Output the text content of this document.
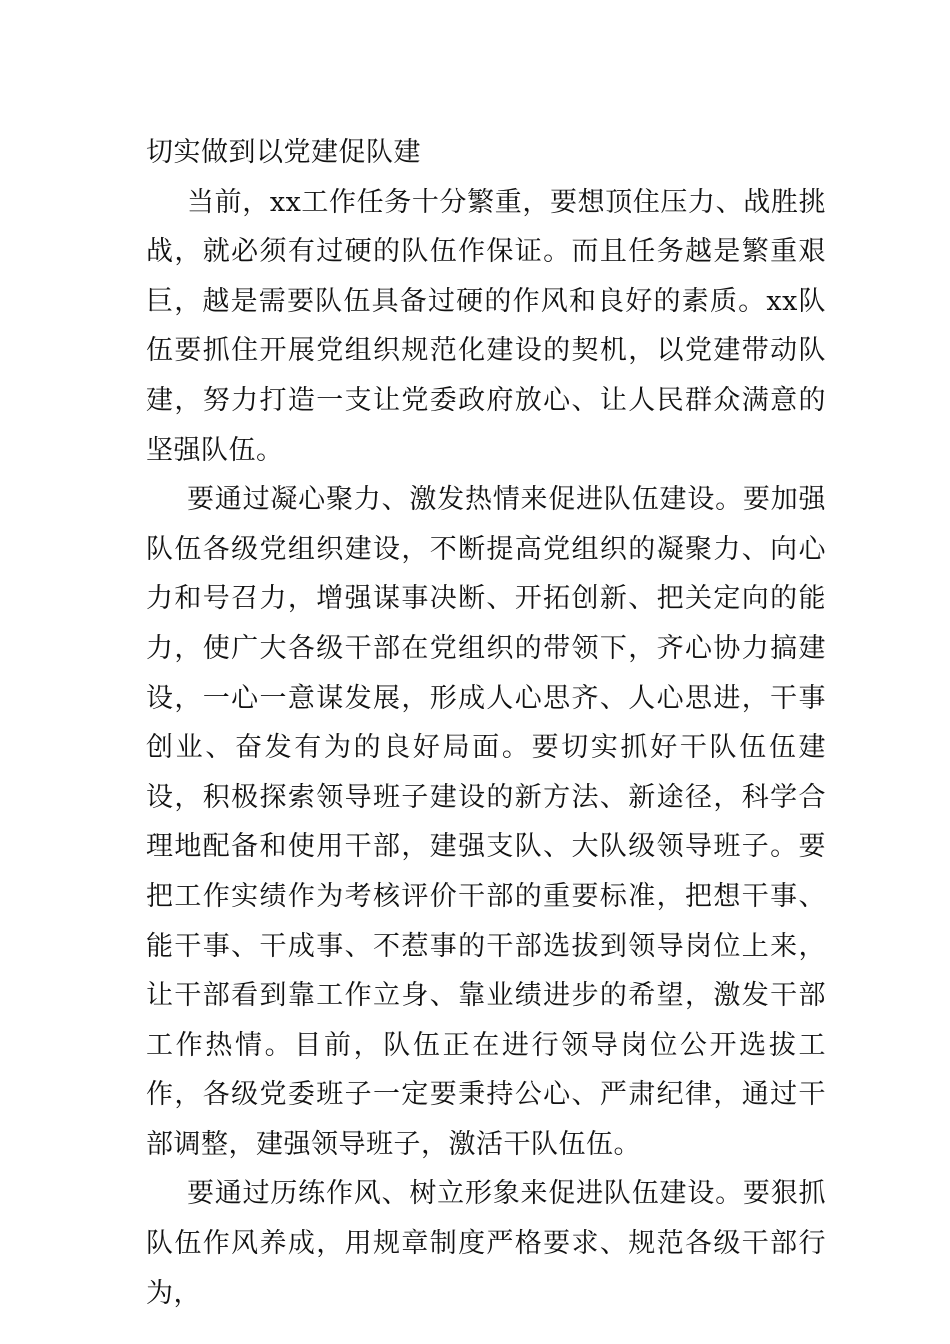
切实做到以党建促队建

当前，xx工作任务十分繁重，要想顶住压力、战胜挑战，就必须有过硬的队伍作保证。而且任务越是繁重艰巨，越是需要队伍具备过硬的作风和良好的素质。xx队伍要抓住开展党组织规范化建设的契机，以党建带动队建，努力打造一支让党委政府放心、让人民群众满意的坚强队伍。

要通过凝心聚力、激发热情来促进队伍建设。要加强队伍各级党组织建设，不断提高党组织的凝聚力、向心力和号召力，增强谋事决断、开拓创新、把关定向的能力，使广大各级干部在党组织的带领下，齐心协力搞建设，一心一意谋发展，形成人心思齐、人心思进，干事创业、奋发有为的良好局面。要切实抓好干队伍伍建设，积极探索领导班子建设的新方法、新途径，科学合理地配备和使用干部，建强支队、大队级领导班子。要把工作实绩作为考核评价干部的重要标准，把想干事、能干事、干成事、不惹事的干部选拔到领导岗位上来，让干部看到靠工作立身、靠业绩进步的希望，激发干部工作热情。目前，队伍正在进行领导岗位公开选拔工作，各级党委班子一定要秉持公心、严肃纪律，通过干部调整，建强领导班子，激活干队伍伍。

要通过历练作风、树立形象来促进队伍建设。要狠抓队伍作风养成，用规章制度严格要求、规范各级干部行为，
